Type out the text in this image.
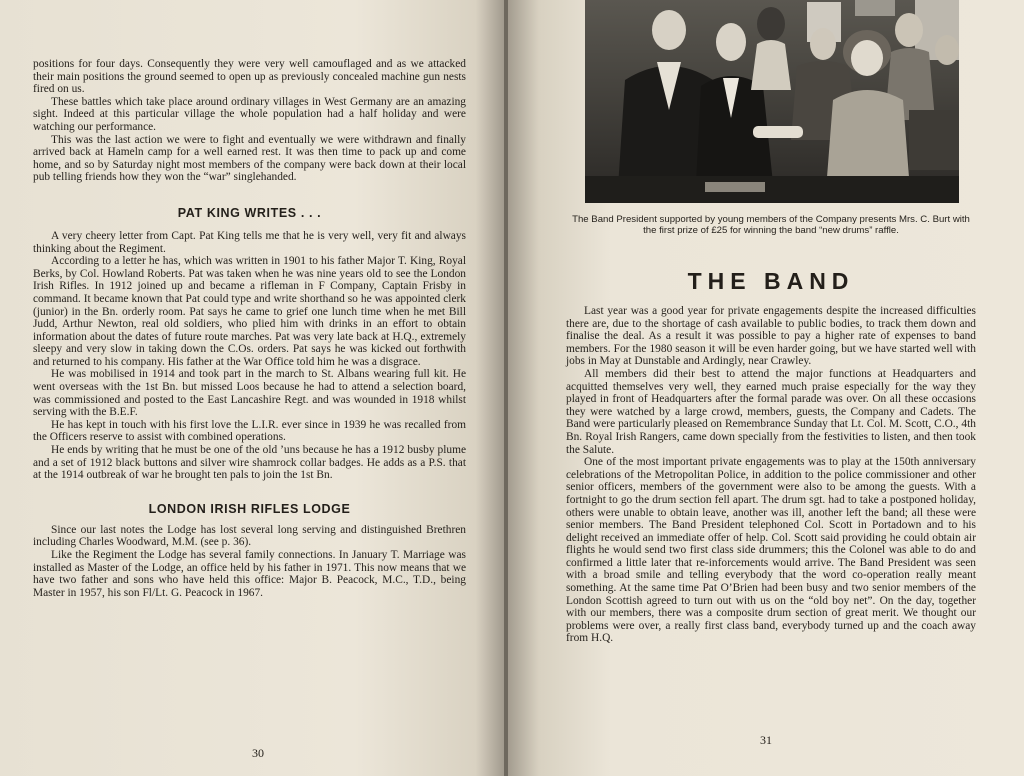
positions for four days. Consequently they were very well camouflaged and as we attacked their main positions the ground seemed to open up as previously concealed machine gun nests fired on us.

These battles which take place around ordinary villages in West Germany are an amazing sight. Indeed at this particular village the whole population had a half holiday and were watching our performance.

This was the last action we were to fight and eventually we were withdrawn and finally arrived back at Hameln camp for a well earned rest. It was then time to pack up and come home, and so by Saturday night most members of the company were back down at their local pub telling friends how they won the “war” singlehanded.

PAT KING WRITES . . .

A very cheery letter from Capt. Pat King tells me that he is very well, very fit and always thinking about the Regiment.

According to a letter he has, which was written in 1901 to his father Major T. King, Royal Berks, by Col. Howland Roberts. Pat was taken when he was nine years old to see the London Irish Rifles. In 1912 joined up and became a rifleman in F Company, Captain Frisby in command. It became known that Pat could type and write shorthand so he was appointed clerk (junior) in the Bn. orderly room. Pat says he came to grief one lunch time when he met Bill Judd, Arthur Newton, real old soldiers, who plied him with drinks in an effort to obtain information about the dates of future route marches. Pat was very late back at H.Q., extremely sleepy and very slow in taking down the C.Os. orders. Pat says he was kicked out forthwith and returned to his company. His father at the War Office told him he was a disgrace.

He was mobilised in 1914 and took part in the march to St. Albans wearing full kit. He went overseas with the 1st Bn. but missed Loos because he had to attend a selection board, was commissioned and posted to the East Lancashire Regt. and was wounded in 1918 whilst serving with the B.E.F.

He has kept in touch with his first love the L.I.R. ever since in 1939 he was recalled from the Officers reserve to assist with combined operations.

He ends by writing that he must be one of the old ’uns because he has a 1912 busby plume and a set of 1912 black buttons and silver wire shamrock collar badges. He adds as a P.S. that at the 1914 outbreak of war he brought ten pals to join the 1st Bn.

LONDON IRISH RIFLES LODGE

Since our last notes the Lodge has lost several long serving and distinguished Brethren including Charles Woodward, M.M. (see p. 36).

Like the Regiment the Lodge has several family connections. In January T. Marriage was installed as Master of the Lodge, an office held by his father in 1971. This now means that we have two father and sons who have held this office: Major B. Peacock, M.C., T.D., being Master in 1957, his son Fl/Lt. G. Peacock in 1967.

30

The Band President supported by young members of the Company presents Mrs. C. Burt with the first prize of £25 for winning the band “new drums” raffle.

THE BAND

Last year was a good year for private engagements despite the increased difficulties there are, due to the shortage of cash available to public bodies, to track them down and finalise the deal. As a result it was possible to pay a higher rate of expenses to band members. For the 1980 season it will be even harder going, but we have started well with jobs in May at Dunstable and Ardingly, near Crawley.

All members did their best to attend the major functions at Headquarters and acquitted themselves very well, they earned much praise especially for the way they played in front of Headquarters after the formal parade was over. On all these occasions they were watched by a large crowd, members, guests, the Company and Cadets. The Band were particularly pleased on Remembrance Sunday that Lt. Col. M. Scott, C.O., 4th Bn. Royal Irish Rangers, came down specially from the festivities to listen, and then took the Salute.

One of the most important private engagements was to play at the 150th anniversary celebrations of the Metropolitan Police, in addition to the police commissioner and other senior officers, members of the government were also to be among the guests. With a fortnight to go the drum section fell apart. The drum sgt. had to take a postponed holiday, others were unable to obtain leave, another was ill, another left the band; all these were senior members. The Band President telephoned Col. Scott in Portadown and to his delight received an immediate offer of help. Col. Scott said providing he could obtain air flights he would send two first class side drummers; this the Colonel was able to do and confirmed a little later that re-inforcements would arrive. The Band President was seen with a broad smile and telling everybody that the word co-operation really meant something. At the same time Pat O’Brien had been busy and two senior members of the London Scottish agreed to turn out with us on the “old boy net”. On the day, together with our members, there was a composite drum section of great merit. We thought our problems were over, a really first class band, everybody turned up and the coach away from H.Q.

31
